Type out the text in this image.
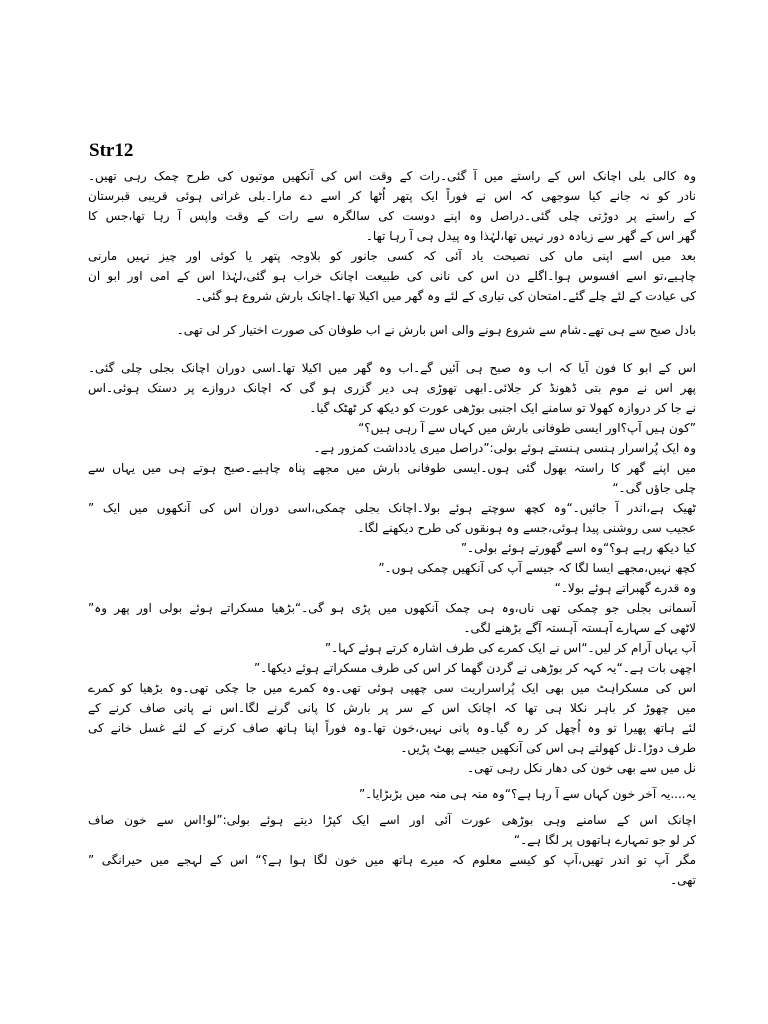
Str12
وہ کالی بلی اچانک اس کے راستے میں آ گئی۔رات کے وقت اس کی آنکھیں موتیوں کی طرح چمک رہی تھیں۔
نادر کو نہ جانے کیا سوجھی کہ اس نے فوراً ایک پتھر اُٹھا کر اسے دے مارا۔بلی غراتی ہوئی قریبی قبرستان
کے راستے پر دوڑتی چلی گئی۔دراصل وہ اپنے دوست کی سالگرہ سے رات کے وقت واپس آ رہا تھا،جس کا
گھر اس کے گھر سے زیادہ دور نہیں تھا،لہٰذا وہ پیدل ہی آ رہا تھا۔
بعد میں اسے اپنی ماں کی نصیحت یاد آئی کہ کسی جانور کو بلاوجہ پتھر یا کوئی اور چیز نہیں مارنی
چاہیے،تو اسے افسوس ہوا۔اگلے دن اس کی نانی کی طبیعت اچانک خراب ہو گئی،لہٰذا اس کے امی اور ابو ان
کی عیادت کے لئے چلے گئے۔امتحان کی تیاری کے لئے وہ گھر میں اکیلا تھا۔اچانک بارش شروع ہو گئی۔
بادل صبح سے ہی تھے۔شام سے شروع ہونے والی اس بارش نے اب طوفان کی صورت اختیار کر لی تھی۔
اس کے ابو کا فون آیا کہ اب وہ صبح ہی آئیں گے۔اب وہ گھر میں اکیلا تھا۔اسی دوران اچانک بجلی چلی گئی۔
پھر اس نے موم بتی ڈھونڈ کر جلائی۔ابھی تھوڑی ہی دیر گزری ہو گی کہ اچانک دروازے پر دستک ہوئی۔اس
نے جا کر دروازہ کھولا تو سامنے ایک اجنبی بوڑھی عورت کو دیکھ کر ٹھٹک گیا۔
”کون ہیں آپ؟اور ایسی طوفانی بارش میں کہاں سے آ رہی ہیں؟“
وہ ایک پُراسرار ہنسی ہنستے ہوئے بولی:”دراصل میری یادداشت کمزور ہے۔
میں اپنے گھر کا راستہ بھول گئی ہوں۔ایسی طوفانی بارش میں مجھے پناہ چاہیے۔صبح ہوتے ہی میں یہاں سے
چلی جاؤں گی۔“
ٹھیک ہے،اندر آ جائیں۔“وہ کچھ سوچتے ہوئے بولا۔اچانک بجلی چمکی،اسی دوران اس کی آنکھوں میں ایک ”
عجیب سی روشنی پیدا ہوئی،جسے وہ ہونقوں کی طرح دیکھنے لگا۔
کیا دیکھ رہے ہو؟“وہ اسے گھورتے ہوئے بولی۔”
کچھ نہیں،مجھے ایسا لگا کہ جیسے آپ کی آنکھیں چمکی ہوں۔”
وہ قدرے گھبراتے ہوئے بولا۔“
آسمانی بجلی جو چمکی تھی ناں،وہ ہی چمک آنکھوں میں پڑی ہو گی۔“بڑھیا مسکراتے ہوئے بولی اور پھر وہ”
لاٹھی کے سہارے آہستہ آہستہ آگے بڑھنے لگی۔
آپ یہاں آرام کر لیں۔“اس نے ایک کمرے کی طرف اشارہ کرتے ہوئے کہا۔”
اچھی بات ہے۔“یہ کہہ کر بوڑھی نے گردن گھما کر اس کی طرف مسکراتے ہوئے دیکھا۔”
اس کی مسکراہٹ میں بھی ایک پُراسراریت سی چھپی ہوئی تھی۔وہ کمرے میں جا چکی تھی۔وہ بڑھیا کو کمرے
میں چھوڑ کر باہر نکلا ہی تھا کہ اچانک اس کے سر پر بارش کا پانی گرنے لگا۔اس نے پانی صاف کرنے کے
لئے ہاتھ پھیرا تو وہ اُچھل کر رہ گیا۔وہ پانی نہیں،خون تھا۔وہ فوراً اپنا ہاتھ صاف کرنے کے لئے غسل خانے کی
طرف دوڑا۔نل کھولتے ہی اس کی آنکھیں جیسے پھٹ پڑیں۔
نل میں سے بھی خون کی دھار نکل رہی تھی۔
یہ....یہ آخر خون کہاں سے آ رہا ہے؟“وہ منہ ہی منہ میں بڑبڑایا۔”
اچانک اس کے سامنے وہی بوڑھی عورت آئی اور اسے ایک کپڑا دیتے ہوئے بولی:”لو!اس سے خون صاف
کر لو جو تمہارے ہاتھوں پر لگا ہے۔“
مگر آپ تو اندر تھیں،آپ کو کیسے معلوم کہ میرے ہاتھ میں خون لگا ہوا ہے؟“ اس کے لہجے میں حیرانگی ”
تھی۔
